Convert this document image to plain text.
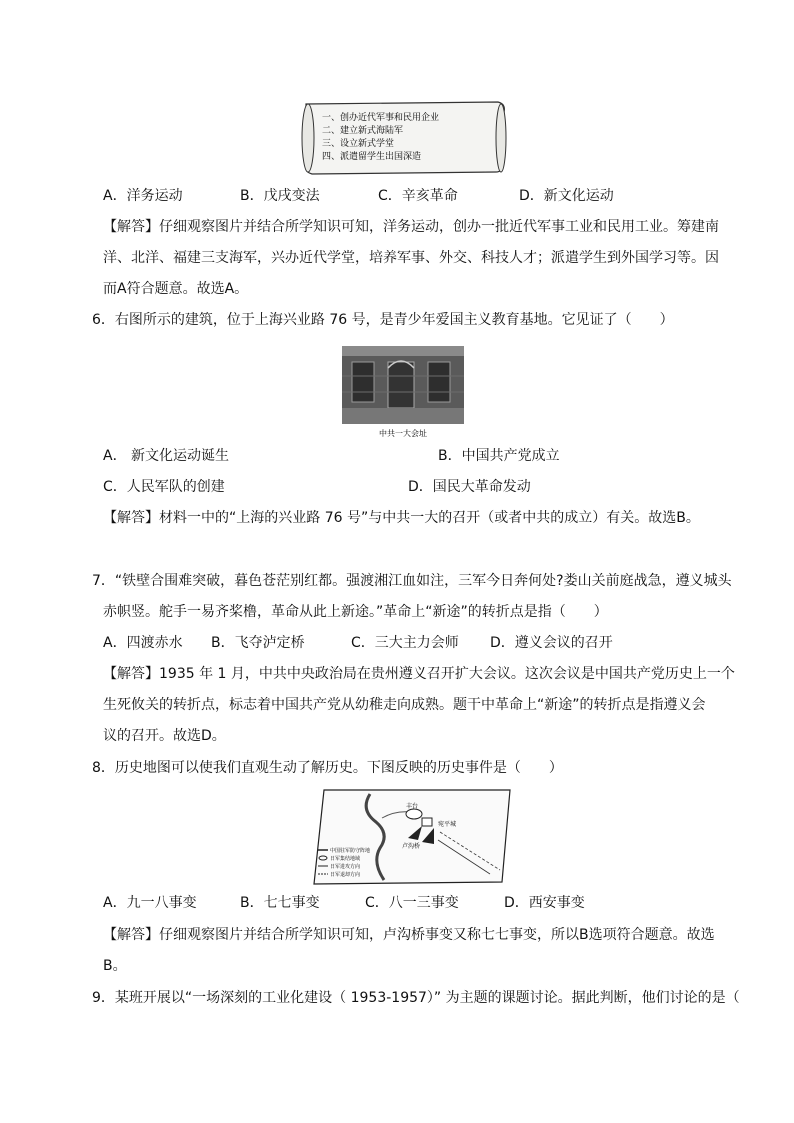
一、创办近代军事和民用企业
二、建立新式海陆军
三、设立新式学堂
四、派遣留学生出国深造
A．洋务运动	B．戊戌变法	C．辛亥革命	D．新文化运动
【解答】仔细观察图片并结合所学知识可知，洋务运动，创办一批近代军事工业和民用工业。筹建南
洋、北洋、福建三支海军，兴办近代学堂，培养军事、外交、科技人才；派遣学生到外国学习等。因
而A符合题意。故选A。
6．右图所示的建筑，位于上海兴业路 76 号，是青少年爱国主义教育基地。它见证了（　　）
中共一大会址
A． 新文化运动诞生	B．中国共产党成立
C．人民军队的创建	D．国民大革命发动
【解答】材料一中的“上海的兴业路 76 号”与中共一大的召开（或者中共的成立）有关。故选B。
7．“铁壁合围难突破，暮色苍茫别红都。强渡湘江血如注，三军今日奔何处?娄山关前庭战急，遵义城头
赤帜竖。舵手一易齐桨橹，革命从此上新途。”革命上“新途”的转折点是指（　　）
A．四渡赤水 B．飞夺泸定桥	C．三大主力会师 D．遵义会议的召开
【解答】1935 年 1 月，中共中央政治局在贵州遵义召开扩大会议。这次会议是中国共产党历史上一个
生死攸关的转折点，标志着中国共产党从幼稚走向成熟。题干中革命上“新途”的转折点是指遵义会
议的召开。故选D。
8．历史地图可以使我们直观生动了解历史。下图反映的历史事件是（　　）
丰台
宛平城
卢沟桥
中国驻军防守阵地
日军集结地域
日军进攻方向
日军退却方向
A．九一八事变	B．七七事变	C．八一三事变	D．西安事变
【解答】仔细观察图片并结合所学知识可知，卢沟桥事变又称七七事变，所以B选项符合题意。故选
B。
9．某班开展以“一场深刻的工业化建设（ 1953-1957）” 为主题的课题讨论。据此判断，他们讨论的是（
